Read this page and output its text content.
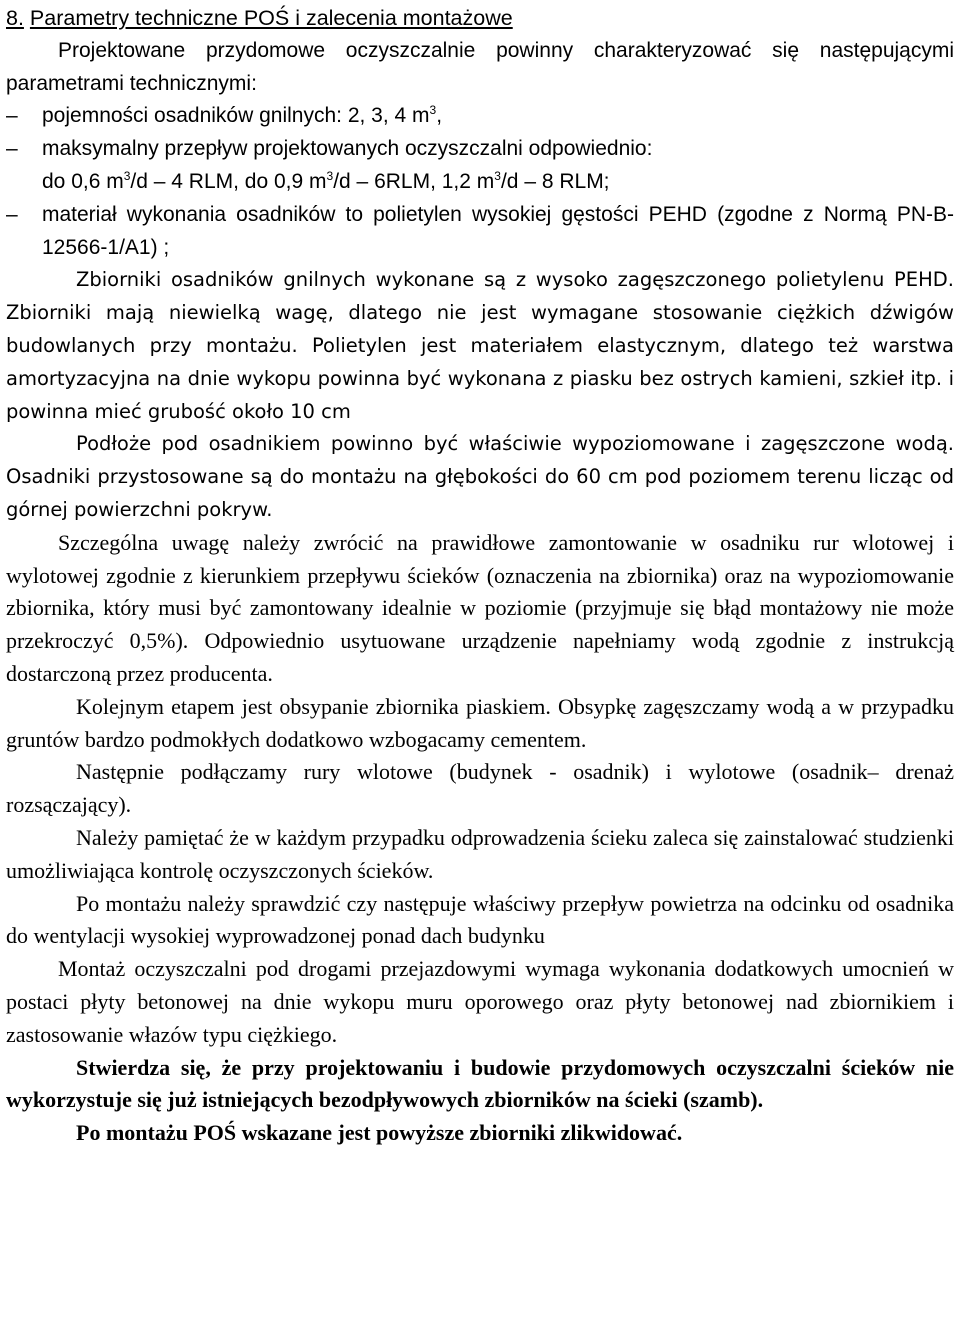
8. Parametry techniczne POŚ i zalecenia montażowe

Projektowane przydomowe oczyszczalnie powinny charakteryzować się następującymi parametrami technicznymi:

–	pojemności osadników gnilnych: 2, 3, 4 $m^3$,
–	maksymalny przepływ projektowanych oczyszczalni odpowiednio:

do 0,6 $m^3/d - 4$ RLM, do 0,9 $m^3/d - 6RLM$, 1,2 $m^3/d - 8$ RLM;

–	materiał wykonania osadników to polietylen wysokiej gęstości PEHD (zgodne z Normą PN-B-12566-1/A1) ;

Zbiorniki osadników gnilnych wykonane są z wysoko zagęszczonego polietylenu PEHD. Zbiorniki mają niewielką wagę, dlatego nie jest wymagane stosowanie ciężkich dźwigów budowlanych przy montażu. Polietylen jest materiałem elastycznym, dlatego też warstwa amortyzacyjna na dnie wykopu powinna być wykonana z piasku bez ostrych kamieni, szkieł itp. i powinna mieć grubość około 10 cm

Podłoże pod osadnikiem powinno być właściwie wypoziomowane i zagęszczone wodą. Osadniki przystosowane są do montażu na głębokości do 60 cm pod poziomem terenu licząc od górnej powierzchni pokryw.

Szczególna uwagę należy zwrócić na prawidłowe zamontowanie w osadniku rur wlotowej i wylotowej zgodnie z kierunkiem przepływu ścieków (oznaczenia na zbiornika) oraz na wypoziomowanie zbiornika, który musi być zamontowany idealnie w poziomie (przyjmuje się błąd montażowy nie może przekroczyć 0,5%). Odpowiednio usytuowane urządzenie napełniamy wodą zgodnie z instrukcją dostarczoną przez producenta.

Kolejnym etapem jest obsypanie zbiornika piaskiem. Obsypkę zagęszczamy wodą a w przypadku gruntów bardzo podmokłych dodatkowo wzbogacamy cementem.

Następnie podłączamy rury wlotowe (budynek - osadnik) i wylotowe (osadnik– drenaż rozsączający).

Należy pamiętać że w każdym przypadku odprowadzenia ścieku zaleca się zainstalować studzienki umożliwiająca kontrolę oczyszczonych ścieków.

Po montażu należy sprawdzić czy następuje właściwy przepływ powietrza na odcinku od osadnika do wentylacji wysokiej wyprowadzonej ponad dach budynku

Montaż oczyszczalni pod drogami przejazdowymi wymaga wykonania dodatkowych umocnień w postaci płyty betonowej na dnie wykopu muru oporowego oraz płyty betonowej nad zbiornikiem i zastosowanie włazów typu ciężkiego.

Stwierdza się, że przy projektowaniu i budowie przydomowych oczyszczalni ścieków nie wykorzystuje się już istniejących bezodpływowych zbiorników na ścieki (szamb).

Po montażu POŚ wskazane jest powyższe zbiorniki zlikwidować.
